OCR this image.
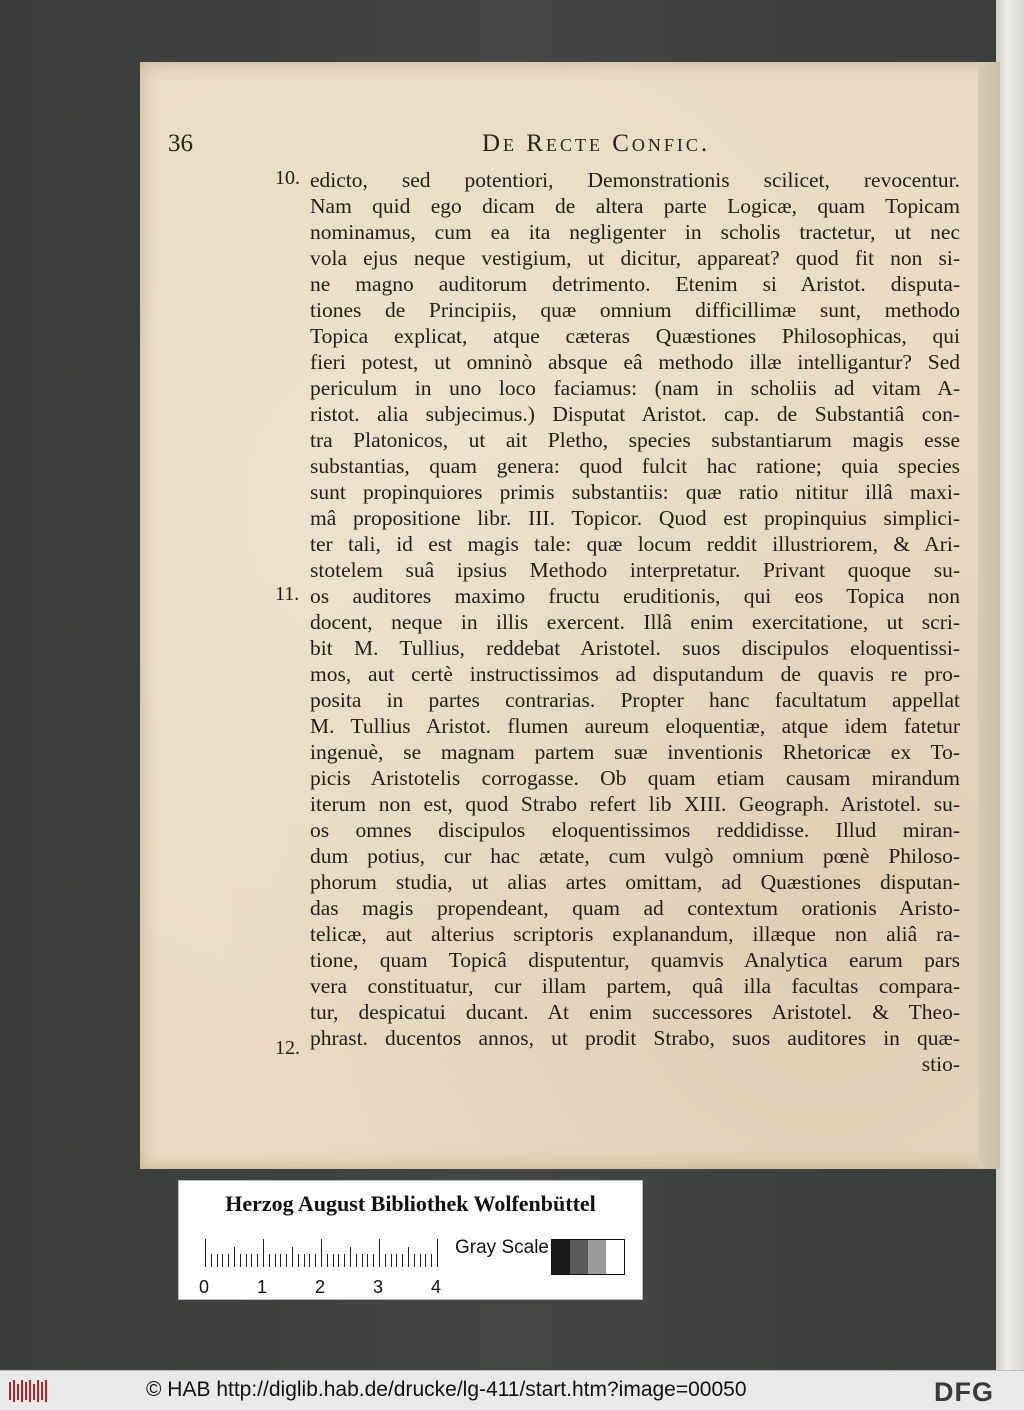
36	De Recte Confic.
10.
11.
12.
edicto, sed potentiori, Demonstrationis scilicet, revocentur.
Nam quid ego dicam de altera parte Logicæ, quam Topicam
nominamus, cum ea ita negligenter in scholis tractetur, ut nec
vola ejus neque vestigium, ut dicitur, appareat? quod fit non si-
ne magno auditorum detrimento. Etenim si Aristot. disputa-
tiones de Principiis, quæ omnium difficillimæ sunt, methodo
Topica explicat, atque cæteras Quæstiones Philosophicas, qui
fieri potest, ut omninò absque eâ methodo illæ intelligantur? Sed
periculum in uno loco faciamus: (nam in scholiis ad vitam A-
ristot. alia subjecimus.) Disputat Aristot. cap. de Substantiâ con-
tra Platonicos, ut ait Pletho, species substantiarum magis esse
substantias, quam genera: quod fulcit hac ratione; quia species
sunt propinquiores primis substantiis: quæ ratio nititur illâ maxi-
mâ propositione libr. III. Topicor. Quod est propinquius simplici-
ter tali, id est magis tale: quæ locum reddit illustriorem, & Ari-
stotelem suâ ipsius Methodo interpretatur. Privant quoque su-
os auditores maximo fructu eruditionis, qui eos Topica non
docent, neque in illis exercent. Illâ enim exercitatione, ut scri-
bit M. Tullius, reddebat Aristotel. suos discipulos eloquentissi-
mos, aut certè instructissimos ad disputandum de quavis re pro-
posita in partes contrarias. Propter hanc facultatum appellat
M. Tullius Aristot. flumen aureum eloquentiæ, atque idem fatetur
ingenuè, se magnam partem suæ inventionis Rhetoricæ ex To-
picis Aristotelis corrogasse. Ob quam etiam causam mirandum
iterum non est, quod Strabo refert lib XIII. Geograph. Aristotel. su-
os omnes discipulos eloquentissimos reddidisse. Illud miran-
dum potius, cur hac ætate, cum vulgò omnium pœnè Philoso-
phorum studia, ut alias artes omittam, ad Quæstiones disputan-
das magis propendeant, quam ad contextum orationis Aristo-
telicæ, aut alterius scriptoris explanandum, illæque non aliâ ra-
tione, quam Topicâ disputentur, quamvis Analytica earum pars
vera constituatur, cur illam partem, quâ illa facultas compara-
tur, despicatui ducant. At enim successores Aristotel. & Theo-
phrast. ducentos annos, ut prodit Strabo, suos auditores in quæ-
stio-
Herzog August Bibliothek Wolfenbüttel
0	1	2	3	4
Gray Scale
© HAB http://diglib.hab.de/drucke/lg-411/start.htm?image=00050	DFG
